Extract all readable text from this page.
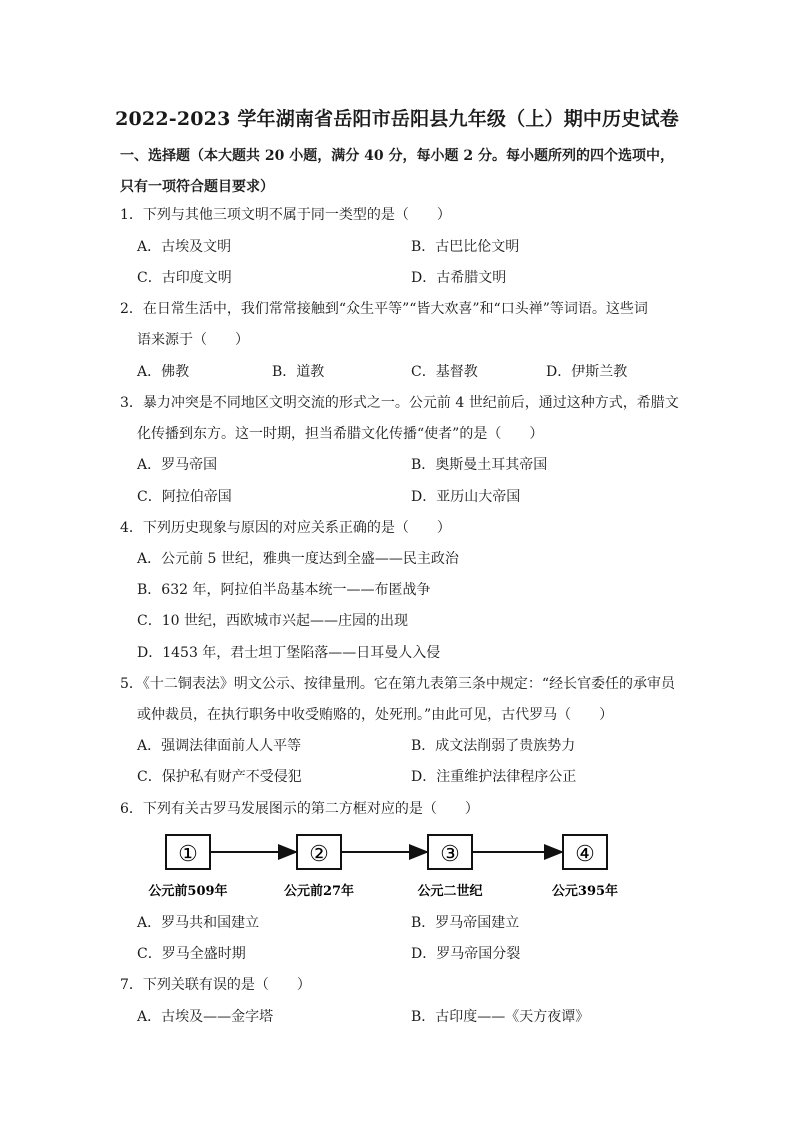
2022-2023 学年湖南省岳阳市岳阳县九年级（上）期中历史试卷
一、选择题（本大题共 20 小题，满分 40 分，每小题 2 分。每小题所列的四个选项中，只有一项符合题目要求）
1．下列与其他三项文明不属于同一类型的是（　　）
A．古埃及文明	B．古巴比伦文明
C．古印度文明	D．古希腊文明
2．在日常生活中，我们常常接触到“众生平等”“皆大欢喜”和“口头禅”等词语。这些词
语来源于（　　）
A．佛教	B．道教	C．基督教	D．伊斯兰教
3．暴力冲突是不同地区文明交流的形式之一。公元前 4 世纪前后，通过这种方式，希腊文
化传播到东方。这一时期，担当希腊文化传播“使者”的是（　　）
A．罗马帝国	B．奥斯曼土耳其帝国
C．阿拉伯帝国	D．亚历山大帝国
4．下列历史现象与原因的对应关系正确的是（　　）
A．公元前 5 世纪，雅典一度达到全盛——民主政治
B．632 年，阿拉伯半岛基本统一——布匿战争
C．10 世纪，西欧城市兴起——庄园的出现
D．1453 年，君士坦丁堡陷落——日耳曼人入侵
5．《十二铜表法》明文公示、按律量刑。它在第九表第三条中规定：“经长官委任的承审员
或仲裁员，在执行职务中收受贿赂的，处死刑。”由此可见，古代罗马（　　）
A．强调法律面前人人平等	B．成文法削弱了贵族势力
C．保护私有财产不受侵犯	D．注重维护法律程序公正
6．下列有关古罗马发展图示的第二方框对应的是（　　）
①	②	③	④
公元前509年	公元前27年	公元二世纪	公元395年
A．罗马共和国建立	B．罗马帝国建立
C．罗马全盛时期	D．罗马帝国分裂
7．下列关联有误的是（　　）
A．古埃及——金字塔	B．古印度——《天方夜谭》
